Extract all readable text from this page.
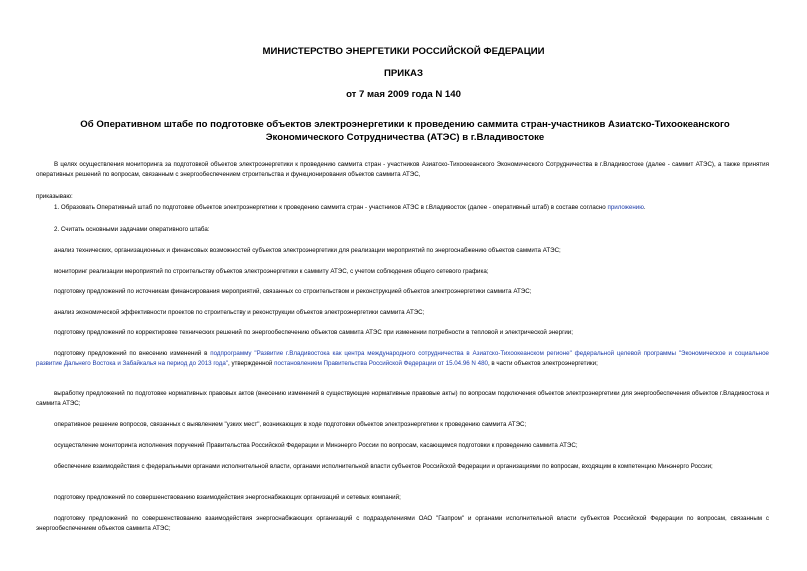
МИНИСТЕРСТВО ЭНЕРГЕТИКИ РОССИЙСКОЙ ФЕДЕРАЦИИ
ПРИКАЗ
от 7 мая 2009 года N 140
Об Оперативном штабе по подготовке объектов электроэнергетики к проведению саммита стран-участников Азиатско-Тихоокеанского Экономического Сотрудничества (АТЭС) в г.Владивостоке
В целях осуществления мониторинга за подготовкой объектов электроэнергетики к проведению саммита стран - участников Азиатско-Тихоокеанского Экономического Сотрудничества в г.Владивостоке (далее - саммит АТЭС), а также принятия оперативных решений по вопросам, связанным с энергообеспечением строительства и функционирования объектов саммита АТЭС,
приказываю:
1. Образовать Оперативный штаб по подготовке объектов электроэнергетики к проведению саммита стран - участников АТЭС в г.Владивосток (далее - оперативный штаб) в составе согласно приложению.
2. Считать основными задачами оперативного штаба:
анализ технических, организационных и финансовых возможностей субъектов электроэнергетики для реализации мероприятий по энергоснабжению объектов саммита АТЭС;
мониторинг реализации мероприятий по строительству объектов электроэнергетики к саммиту АТЭС, с учетом соблюдения общего сетевого графика;
подготовку предложений по источникам финансирования мероприятий, связанных со строительством и реконструкцией объектов электроэнергетики саммита АТЭС;
анализ экономической эффективности проектов по строительству и реконструкции объектов электроэнергетики саммита АТЭС;
подготовку предложений по корректировке технических решений по энергообеспечению объектов саммита АТЭС при изменении потребности в тепловой и электрической энергии;
подготовку предложений по внесению изменений в подпрограмму "Развитие г.Владивостока как центра международного сотрудничества в Азиатско-Тихоокеанском регионе" федеральной целевой программы "Экономическое и социальное развитие Дальнего Востока и Забайкалья на период до 2013 года", утвержденной постановлением Правительства Российской Федерации от 15.04.96 N 480, в части объектов электроэнергетики;
выработку предложений по подготовке нормативных правовых актов (внесению изменений в существующие нормативные правовые акты) по вопросам подключения объектов электроэнергетики для энергообеспечения объектов г.Владивостока и саммита АТЭС;
оперативное решение вопросов, связанных с выявлением "узких мест", возникающих в ходе подготовки объектов электроэнергетики к проведению саммита АТЭС;
осуществление мониторинга исполнения поручений Правительства Российской Федерации и Минэнерго России по вопросам, касающимся подготовки к проведению саммита АТЭС;
обеспечение взаимодействия с федеральными органами исполнительной власти, органами исполнительной власти субъектов Российской Федерации и организациями по вопросам, входящим в компетенцию Минэнерго России;
подготовку предложений по совершенствованию взаимодействия энергоснабжающих организаций и сетевых компаний;
подготовку предложений по совершенствованию взаимодействия энергоснабжающих организаций с подразделениями ОАО "Газпром" и органами исполнительной власти субъектов Российской Федерации по вопросам, связанным с энергообеспечением объектов саммита АТЭС;
